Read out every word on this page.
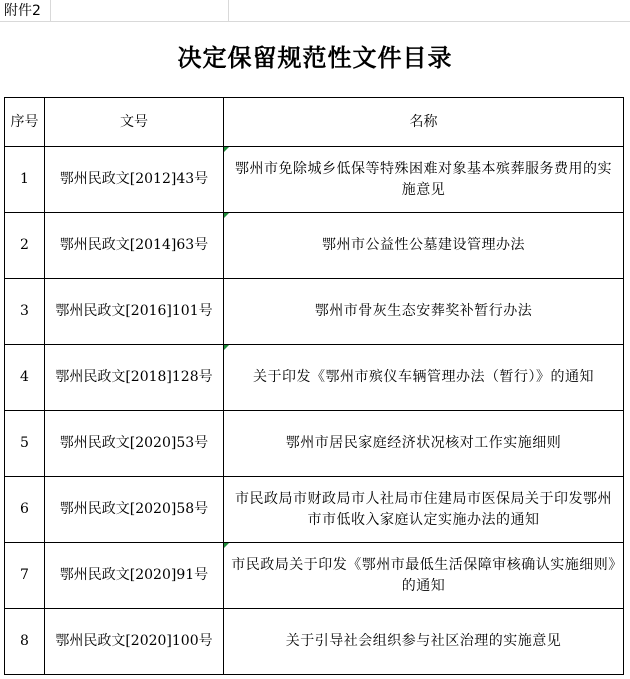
附件2
决定保留规范性文件目录
序号	文号	名称
1	鄂州民政文[2012]43号	鄂州市免除城乡低保等特殊困难对象基本殡葬服务费用的实施意见
2	鄂州民政文[2014]63号	鄂州市公益性公墓建设管理办法
3	鄂州民政文[2016]101号	鄂州市骨灰生态安葬奖补暂行办法
4	鄂州民政文[2018]128号	关于印发《鄂州市殡仪车辆管理办法（暂行）》的通知
5	鄂州民政文[2020]53号	鄂州市居民家庭经济状况核对工作实施细则
6	鄂州民政文[2020]58号	市民政局市财政局市人社局市住建局市医保局关于印发鄂州市市低收入家庭认定实施办法的通知
7	鄂州民政文[2020]91号	市民政局关于印发《鄂州市最低生活保障审核确认实施细则》的通知
8	鄂州民政文[2020]100号	关于引导社会组织参与社区治理的实施意见
